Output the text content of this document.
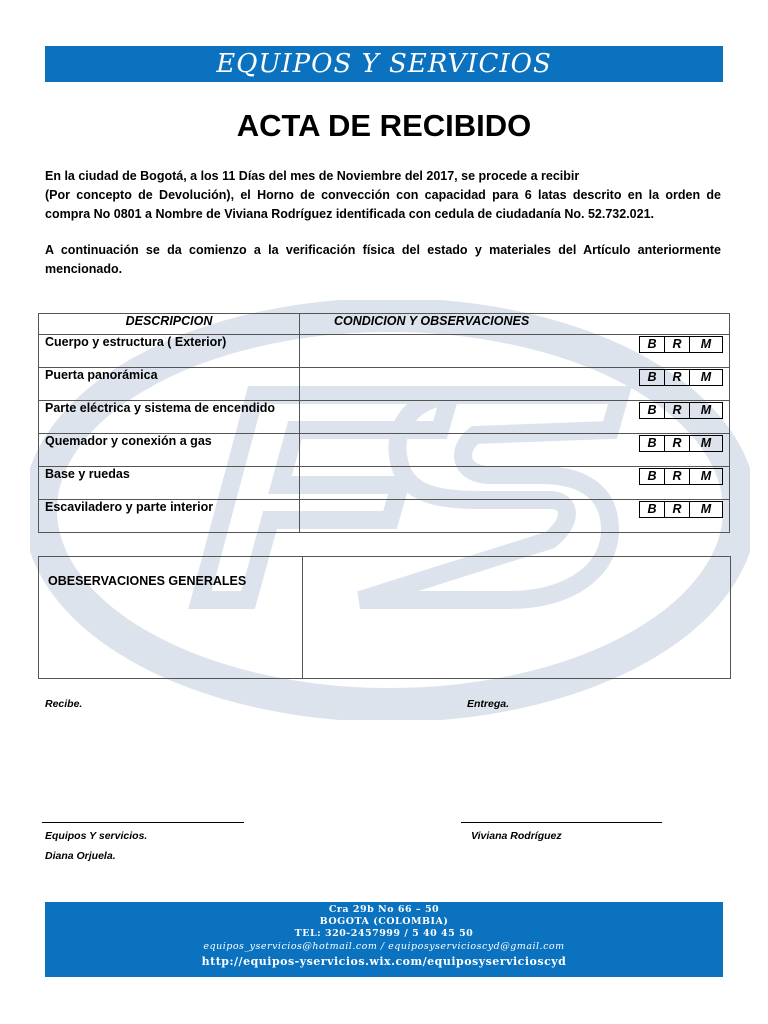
EQUIPOS Y SERVICIOS
ACTA DE RECIBIDO
En la ciudad de Bogotá, a los 11 Días del mes de Noviembre del 2017, se procede a recibir
(Por concepto de Devolución), el Horno de convección con capacidad para 6 latas descrito en la orden de
compra No 0801 a Nombre de Viviana Rodríguez identificada con cedula de ciudadanía No. 52.732.021.
A continuación se da comienzo a la verificación física del estado y materiales del Artículo anteriormente
mencionado.
DESCRIPCION	CONDICION Y OBSERVACIONES
Cuerpo y estructura ( Exterior)	B R M

Puerta panorámica	B R M

Parte eléctrica y sistema de encendido	B R M

Quemador y conexión a gas	B R M

Base y ruedas	B R M

Escaviladero y parte interior	B R M
OBESERVACIONES GENERALES
Recibe.	Entrega.
Equipos Y servicios.
Diana Orjuela.
Viviana Rodríguez
Cra 29b No 66 – 50
BOGOTA (COLOMBIA)
TEL: 320-2457999 / 5 40 45 50
equipos_yservicios@hotmail.com / equiposyservicioscyd@gmail.com
http://equipos-yservicios.wix.com/equiposyservicioscyd
